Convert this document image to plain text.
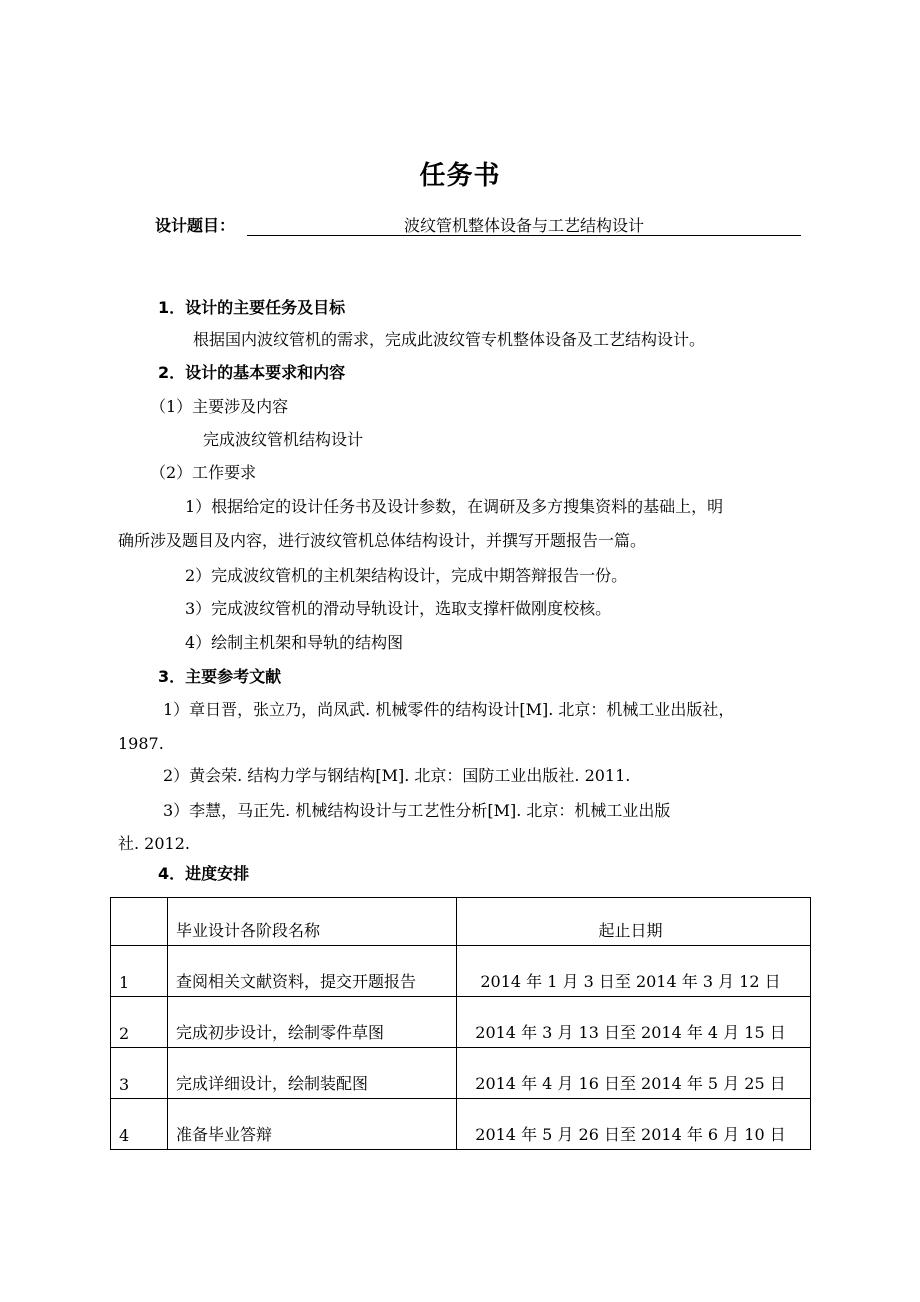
任务书
设计题目：	波纹管机整体设备与工艺结构设计
1．设计的主要任务及目标
根据国内波纹管机的需求，完成此波纹管专机整体设备及工艺结构设计。
2．设计的基本要求和内容
（1）主要涉及内容
完成波纹管机结构设计
（2）工作要求
1）根据给定的设计任务书及设计参数，在调研及多方搜集资料的基础上，明
确所涉及题目及内容，进行波纹管机总体结构设计，并撰写开题报告一篇。
2）完成波纹管机的主机架结构设计，完成中期答辩报告一份。
3）完成波纹管机的滑动导轨设计，选取支撑杆做刚度校核。
4）绘制主机架和导轨的结构图
3．主要参考文献
1）章日晋，张立乃，尚凤武. 机械零件的结构设计[M]. 北京：机械工业出版社，
1987.
2）黄会荣. 结构力学与钢结构[M]. 北京：国防工业出版社. 2011.
3）李慧，马正先. 机械结构设计与工艺性分析[M]. 北京：机械工业出版
社. 2012.
4．进度安排
	毕业设计各阶段名称	起止日期
1	查阅相关文献资料，提交开题报告	2014 年 1 月 3 日至 2014 年 3 月 12 日
2	完成初步设计，绘制零件草图	2014 年 3 月 13 日至 2014 年 4 月 15 日
3	完成详细设计，绘制装配图	2014 年 4 月 16 日至 2014 年 5 月 25 日
4	准备毕业答辩	2014 年 5 月 26 日至 2014 年 6 月 10 日
